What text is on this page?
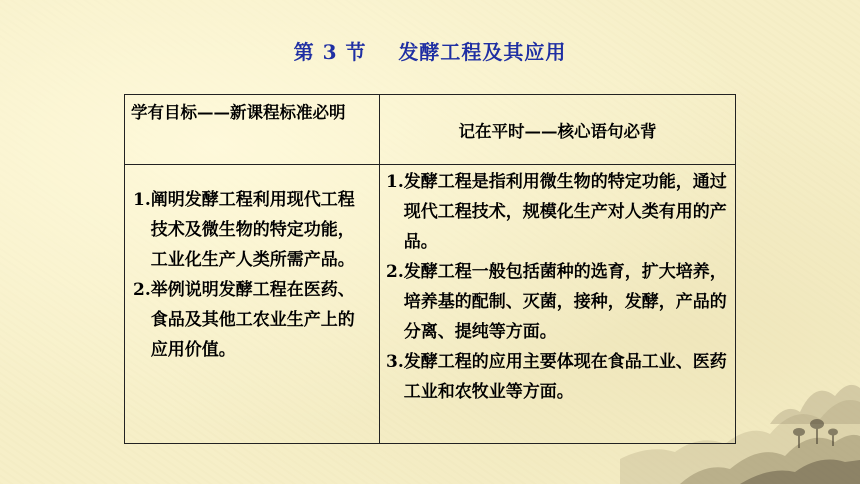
第 3 节    发酵工程及其应用
学有目标——新课程标准必明
记在平时——核心语句必背
1. 阐明发酵工程利用现代工程技术及微生物的特定功能，工业化生产人类所需产品。
2. 举例说明发酵工程在医药、食品及其他工农业生产上的应用价值。
1. 发酵工程是指利用微生物的特定功能，通过现代工程技术，规模化生产对人类有用的产品。
2. 发酵工程一般包括菌种的选育，扩大培养，培养基的配制、灭菌，接种，发酵，产品的分离、提纯等方面。
3. 发酵工程的应用主要体现在食品工业、医药工业和农牧业等方面。
